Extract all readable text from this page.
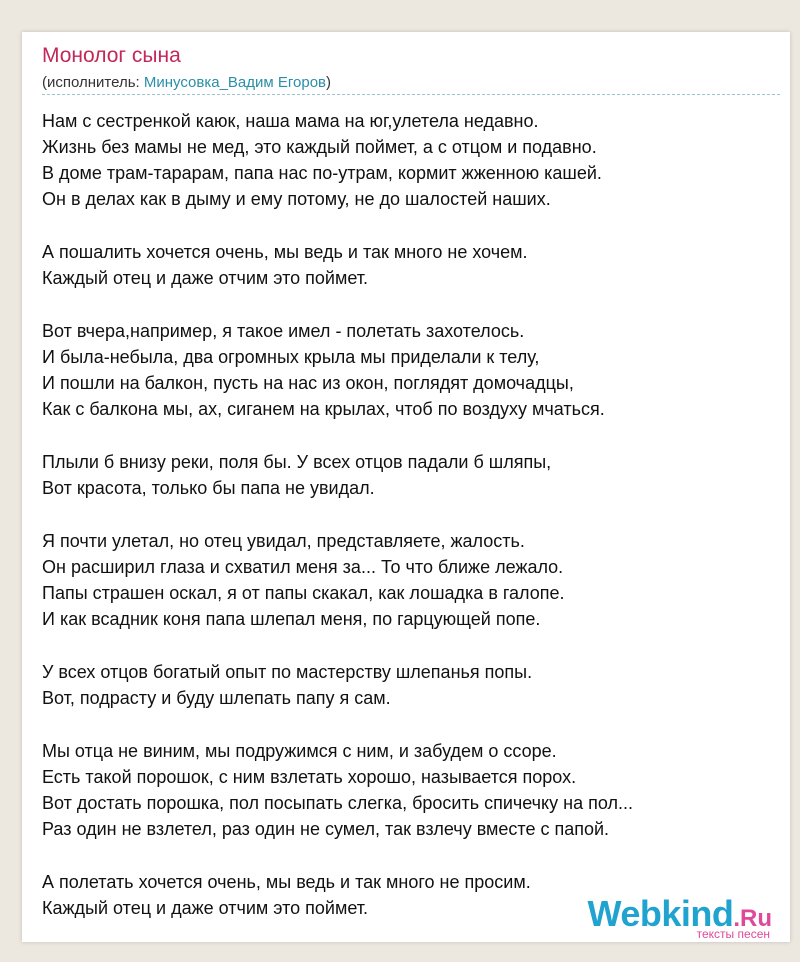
Монолог сына
(исполнитель: Минусовка_Вадим Егоров)
Нам с сестренкой каюк, наша мама на юг,улетела недавно.
Жизнь без мамы не мед, это каждый поймет, а с отцом и подавно.
В доме трам-тарарам, папа нас по-утрам, кормит жженною кашей.
Он в делах как в дыму и ему потому, не до шалостей наших.
А пошалить хочется очень, мы ведь и так много не хочем.
Каждый отец и даже отчим это поймет.
Вот вчера,например, я такое имел - полетать захотелось.
И была-небыла, два огромных крыла мы приделали к телу,
И пошли на балкон, пусть на нас из окон, поглядят домочадцы,
Как с балкона мы, ах, сиганем на крылах, чтоб по воздуху мчаться.
Плыли б внизу реки, поля бы. У всех отцов падали б шляпы,
Вот красота, только бы папа не увидал.
Я почти улетал, но отец увидал, представляете, жалость.
Он расширил глаза и схватил меня за... То что ближе лежало.
Папы страшен оскал, я от папы скакал, как лошадка в галопе.
И как всадник коня папа шлепал меня, по гарцующей попе.
У всех отцов богатый опыт по мастерству шлепанья попы.
Вот, подрасту и буду шлепать папу я сам.
Мы отца не виним, мы подружимся с ним, и забудем о ссоре.
Есть такой порошок, с ним взлетать хорошо, называется порох.
Вот достать порошка, пол посыпать слегка, бросить спичечку на пол...
Раз один не взлетел, раз один не сумел, так взлечу вместе с папой.
А полетать хочется очень, мы ведь и так много не просим.
Каждый отец и даже отчим это поймет.	Webkind.Ru
тексты песен
